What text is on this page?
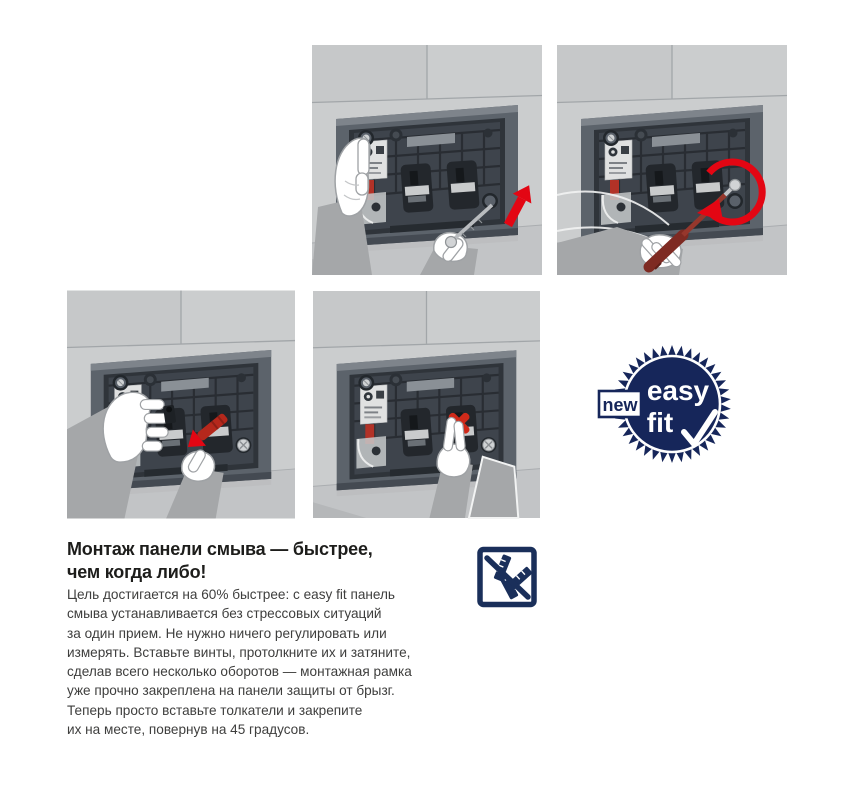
easy
fit
new
Монтаж панели смыва — быстрее,
чем когда либо!
Цель достигается на 60% быстрее: с easy fit панель
смыва устанавливается без стрессовых ситуаций
за один прием. Не нужно ничего регулировать или
измерять. Вставьте винты, протолкните их и затяните,
сделав всего несколько оборотов — монтажная рамка
уже прочно закреплена на панели защиты от брызг.
Теперь просто вставьте толкатели и закрепите
их на месте, повернув на 45 градусов.
